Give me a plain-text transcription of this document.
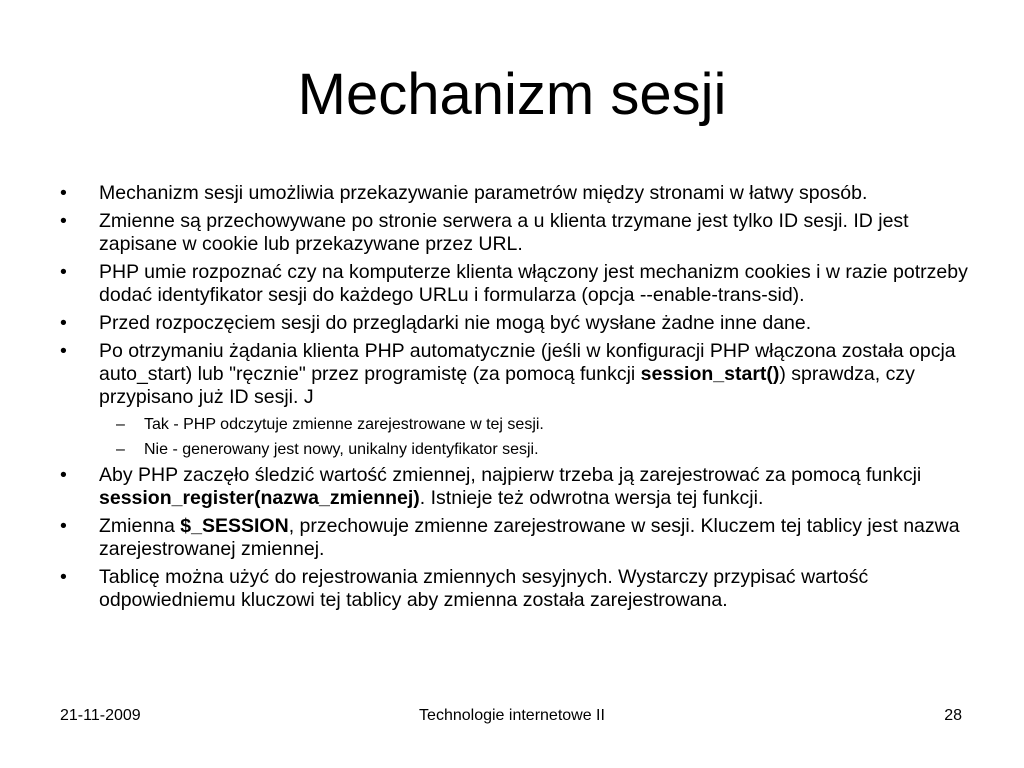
Mechanizm sesji
• Mechanizm sesji umożliwia przekazywanie parametrów między stronami w łatwy sposób.
• Zmienne są przechowywane po stronie serwera a u klienta trzymane jest tylko ID sesji. ID jest zapisane w cookie lub przekazywane przez URL.
• PHP umie rozpoznać czy na komputerze klienta włączony jest mechanizm cookies i w razie potrzeby dodać identyfikator sesji do każdego URLu i formularza (opcja --enable-trans-sid).
• Przed rozpoczęciem sesji do przeglądarki nie mogą być wysłane żadne inne dane.
• Po otrzymaniu żądania klienta PHP automatycznie (jeśli w konfiguracji PHP włączona została opcja auto_start) lub "ręcznie" przez programistę (za pomocą funkcji session_start()) sprawdza, czy przypisano już ID sesji. J
– Tak - PHP odczytuje zmienne zarejestrowane w tej sesji.
– Nie - generowany jest nowy, unikalny identyfikator sesji.
• Aby PHP zaczęło śledzić wartość zmiennej, najpierw trzeba ją zarejestrować za pomocą funkcji session_register(nazwa_zmiennej). Istnieje też odwrotna wersja tej funkcji.
• Zmienna $_SESSION, przechowuje zmienne zarejestrowane w sesji. Kluczem tej tablicy jest nazwa zarejestrowanej zmiennej.
• Tablicę można użyć do rejestrowania zmiennych sesyjnych. Wystarczy przypisać wartość odpowiedniemu kluczowi tej tablicy aby zmienna została zarejestrowana.
21-11-2009	Technologie internetowe II	28
